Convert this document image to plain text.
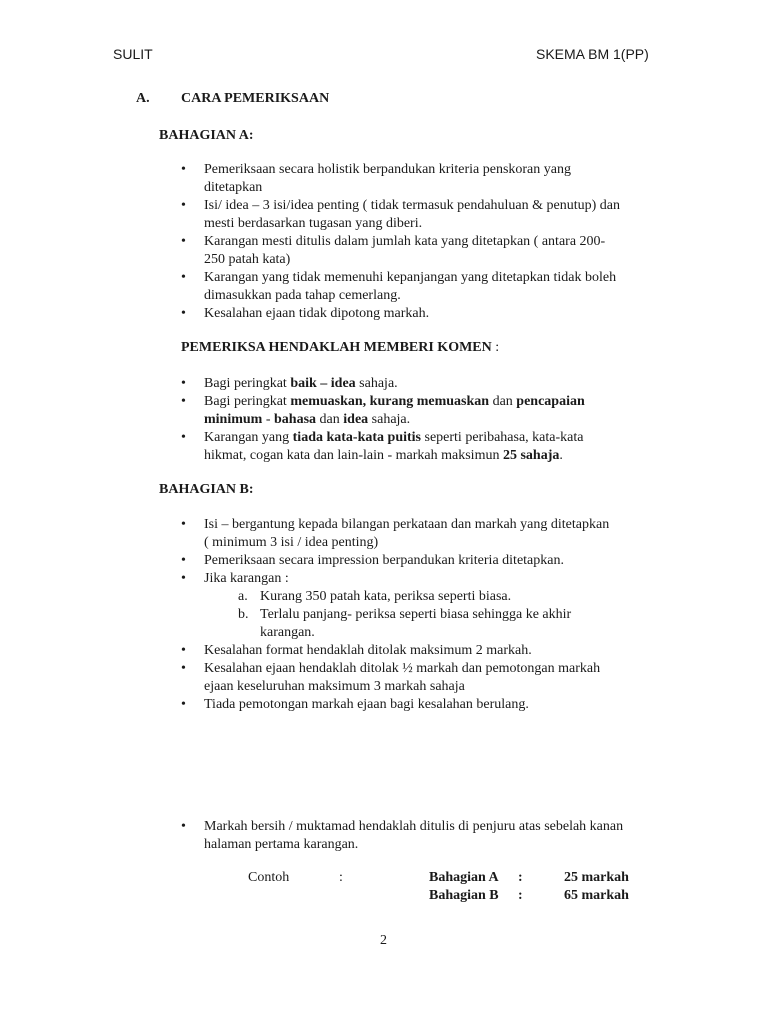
SULIT	SKEMA BM 1(PP)
A. CARA PEMERIKSAAN
BAHAGIAN A:
• Pemeriksaan secara holistik berpandukan kriteria penskoran yang
ditetapkan
• Isi/ idea – 3 isi/idea penting ( tidak termasuk pendahuluan & penutup) dan
mesti berdasarkan tugasan yang diberi.
• Karangan mesti ditulis dalam jumlah kata yang ditetapkan ( antara 200-
250 patah kata)
• Karangan yang tidak memenuhi kepanjangan yang ditetapkan tidak boleh
dimasukkan pada tahap cemerlang.
• Kesalahan ejaan tidak dipotong markah.
PEMERIKSA HENDAKLAH MEMBERI KOMEN :
• Bagi peringkat baik – idea sahaja.
• Bagi peringkat memuaskan, kurang memuaskan dan pencapaian
minimum - bahasa dan idea sahaja.
• Karangan yang tiada kata-kata puitis seperti peribahasa, kata-kata
hikmat, cogan kata dan lain-lain - markah maksimun 25 sahaja.
BAHAGIAN B:
• Isi – bergantung kepada bilangan perkataan dan markah yang ditetapkan
( minimum 3 isi / idea penting)
• Pemeriksaan secara impression berpandukan kriteria ditetapkan.
• Jika karangan :
a. Kurang 350 patah kata, periksa seperti biasa.
b. Terlalu panjang- periksa seperti biasa sehingga ke akhir
karangan.
• Kesalahan format hendaklah ditolak maksimum 2 markah.
• Kesalahan ejaan hendaklah ditolak ½ markah dan pemotongan markah
ejaan keseluruhan maksimum 3 markah sahaja
• Tiada pemotongan markah ejaan bagi kesalahan berulang.
• Markah bersih / muktamad hendaklah ditulis di penjuru atas sebelah kanan
halaman pertama karangan.
Contoh	:	Bahagian A :	25 markah
Bahagian B :	65 markah
2
